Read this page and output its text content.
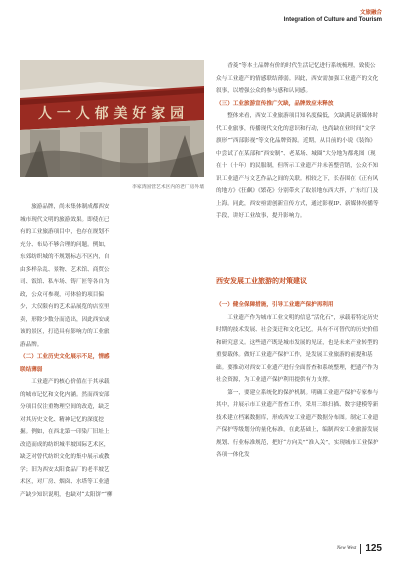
文旅融合
Integration of Culture and Tourism
人 一 人 郁 美 好 家 园
李家湾国营艺术区内的老厂房外墙

旅游品牌，尚未集体制成都西安城市现代文明的旅游效果。即使在已有的工业旅游项目中，也存在规划不充分、布局不够合理的问题。例如，东郊纺织城的不规划标志不区内，自由多样杂乱、景物、艺术馆、商贸公司、饭馆、私车场、铸厂匠等各自为政，公众可参观，可体验的项目偏少，大仅限有的艺术品展览的店室里卖，形除少数分而造出，因此西安或该的景区，打造具有影响力的工业旅游品牌。

（二）工业历史文化展示不足，情感联结薄弱

工业遗产的核心价值在于其承载的城市记忆和文化内涵。然而西安部分项目仅注重物理空间的改造，缺乏对其历史文化、精神记忆的深度挖掘。例如，在西北第一印染厂旧址上改造而成的纺织城半坡国际艺术区，缺乏对曾代纺织文化的集中展示或教学；旧为西安太阳食品厂的老半坡艺术区，对厂房、烟囱、水塔等工业遗产缺少知识说明，也缺对“太阳饼”“柳

香菱”等本土品牌有价的时代生活记忆进行系统梳理，致使公众与工业遗产的情感联结薄弱。因此，西安需加强工业遗产的文化叙事，以增强公众的参与感和认同感。

（三）工业旅游宣传推广欠缺，品牌效应未释放

整体来看，西安工业旅游项目知名度偏低，欠缺满足新媒体时代工业旅事，传播现代文化的意识和行动，也尚缺在业时间“文学旗形”“西部影视”等文化品牌资源。近期，从目前的小说《装饰》中尝试了在某部和“西安制”、老某场、城圈“大分地为都兆图（现在十（十年）的民服制，但所示工业遗产并未善整营销，公众不知识工业遗产与文艺作品之间的关联。相较之下，长春围在《正有风的地方》《狂飙》《繁花》分别带火了取景地东西大拌，广东红门及上海。同此，西安亟需创新宣传方式，通过影视IP、新媒体传播等手段，讲好工业故事，提升影响力。

西安发展工业旅游的对策建议

（一）健全保障措施，引导工业遗产保护再利用

工业遗产作为城市工业文明的信息“活化石”，承载着特定历史时期的技术发展、社会变迁和文化记忆，具有不可替代的历史价值和研究意义。这些遗产既是城市发展的见证，也是未来产业转型的重要载体。做好工业遗产保护工作，是发展工业旅游的前提和基础。要推动对西安工业遗产进行全面普查和系统整理，把遗产作为社会资源，为工业遗产保护利用提供有力支撑。

第一，要建立系统化的保护机制。明确工业遗产保护专家参与其中，并展示市工业遗产普查工作，采用三维扫描、数字建模等新技术建立档案数据库，形成西安工业遗产数据分布图。制定工业遗产保护等级划分的量化标准，在此基础上，编制西安工业旅游发展规划、行业标准规范，把好“方向关”“准入关”，实现城市工业保护各项一体化发

New West 125
